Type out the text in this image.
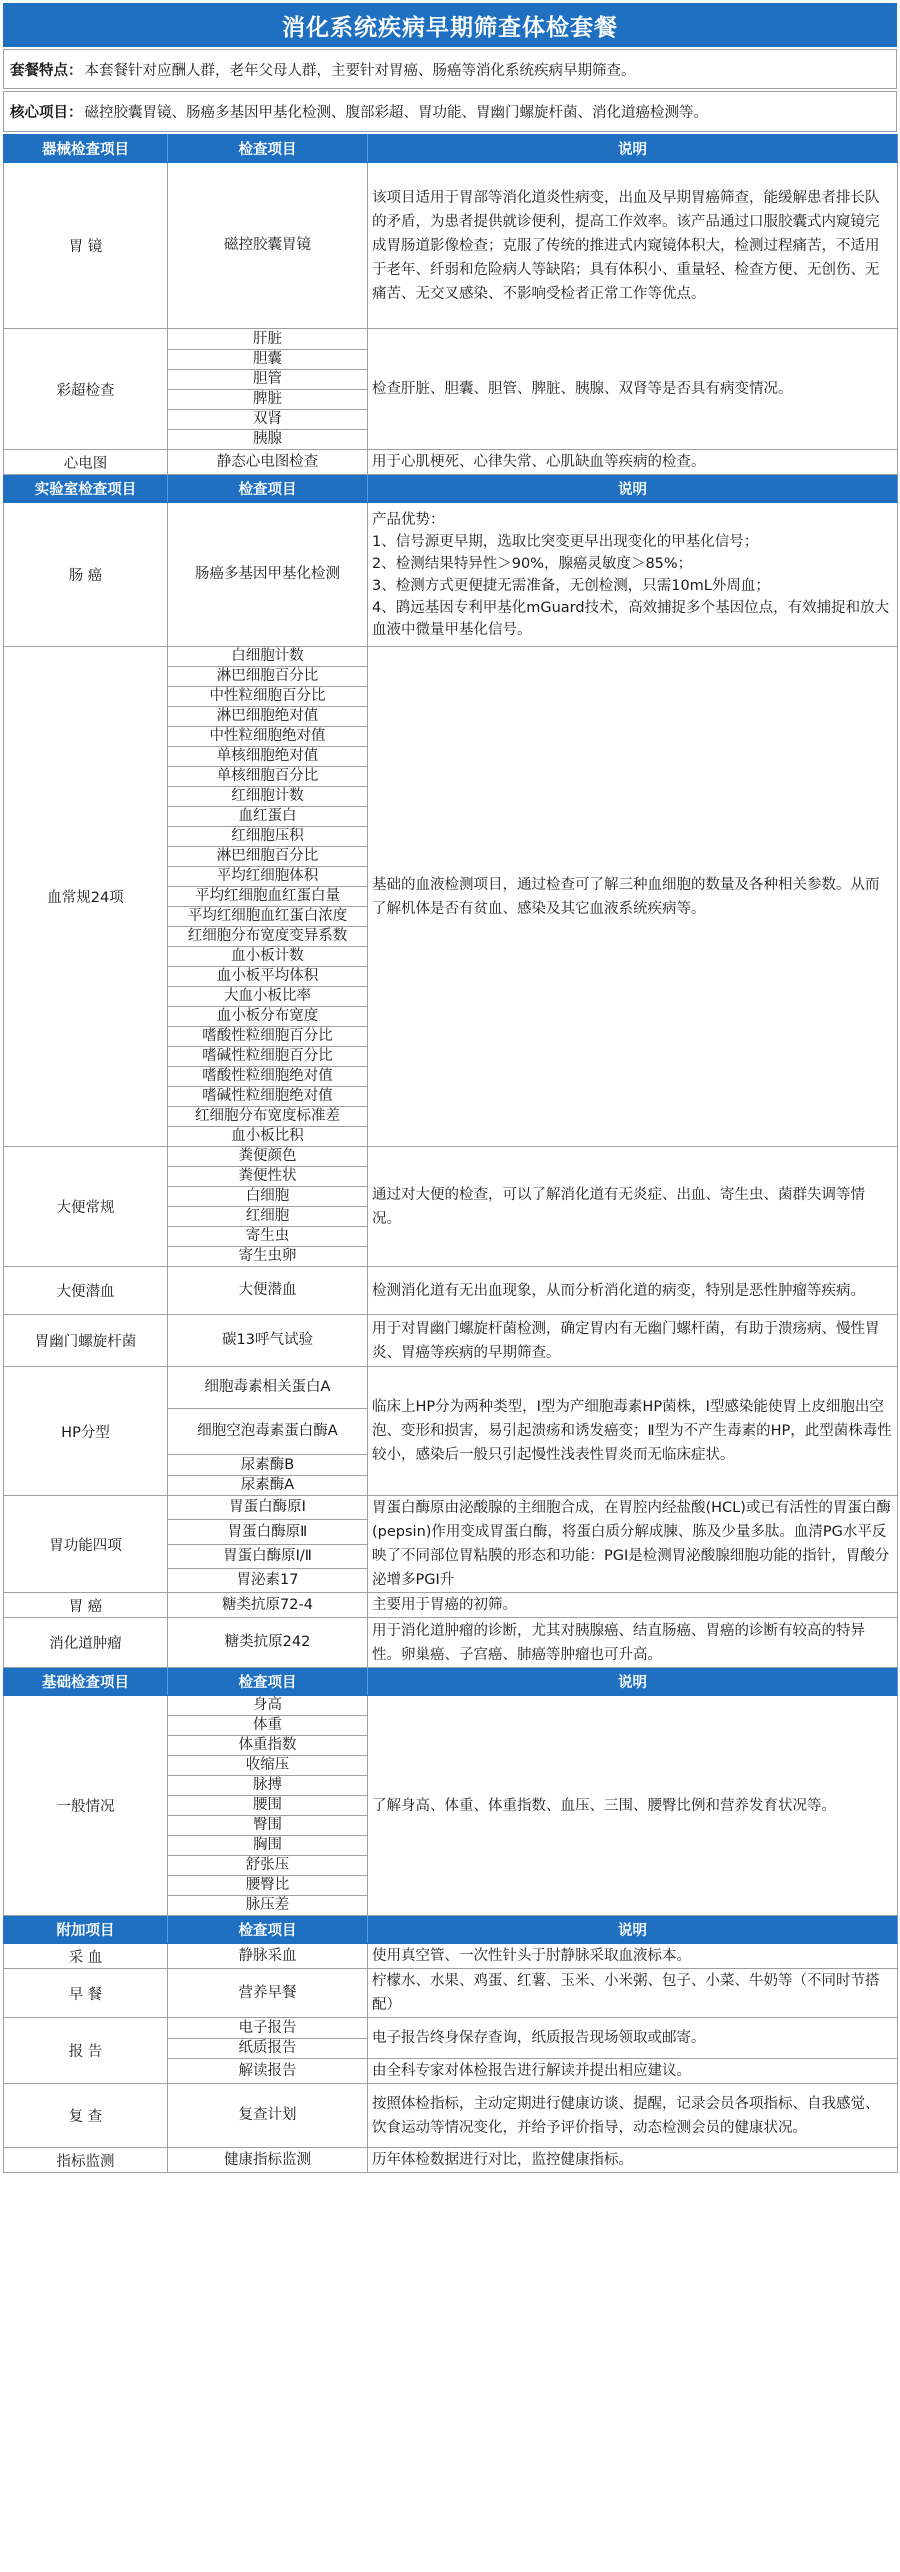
消化系统疾病早期筛查体检套餐
套餐特点： 本套餐针对应酬人群，老年父母人群，主要针对胃癌、肠癌等消化系统疾病早期筛查。
核心项目： 磁控胶囊胃镜、肠癌多基因甲基化检测、腹部彩超、胃功能、胃幽门螺旋杆菌、消化道癌检测等。
器械检查项目	检查项目	说明
胃 镜	磁控胶囊胃镜	该项目适用于胃部等消化道炎性病变，出血及早期胃癌筛查，能缓解患者排长队的矛盾，为患者提供就诊便利，提高工作效率。该产品通过口服胶囊式内窥镜完成胃肠道影像检查；克服了传统的推进式内窥镜体积大，检测过程痛苦，不适用于老年、纤弱和危险病人等缺陷；具有体积小、重量轻、检查方便、无创伤、无痛苦、无交叉感染、不影响受检者正常工作等优点。
彩超检查	肝脏	检查肝脏、胆囊、胆管、脾脏、胰腺、双肾等是否具有病变情况。
	胆囊	
	胆管	
	脾脏	
	双肾	
	胰腺	
心电图	静态心电图检查	用于心肌梗死、心律失常、心肌缺血等疾病的检查。
实验室检查项目	检查项目	说明
肠 癌	肠癌多基因甲基化检测	产品优势：
1、信号源更早期，选取比突变更早出现变化的甲基化信号；
2、检测结果特异性＞90%，腺癌灵敏度＞85%；
3、检测方式更便捷无需准备，无创检测，只需10mL外周血；
4、鹍远基因专利甲基化mGuard技术，高效捕捉多个基因位点，有效捕捉和放大血液中微量甲基化信号。

血常规24项	白细胞计数	基础的血液检测项目，通过检查可了解三种血细胞的数量及各种相关参数。从而了解机体是否有贫血、感染及其它血液系统疾病等。
	淋巴细胞百分比	
	中性粒细胞百分比	
	淋巴细胞绝对值	
	中性粒细胞绝对值	
	单核细胞绝对值	
	单核细胞百分比	
	红细胞计数	
	血红蛋白	
	红细胞压积	
	淋巴细胞百分比	
	平均红细胞体积	
	平均红细胞血红蛋白量	
	平均红细胞血红蛋白浓度	
	红细胞分布宽度变异系数	
	血小板计数	
	血小板平均体积	
	大血小板比率	
	血小板分布宽度	
	嗜酸性粒细胞百分比	
	嗜碱性粒细胞百分比	
	嗜酸性粒细胞绝对值	
	嗜碱性粒细胞绝对值	
	红细胞分布宽度标准差	
	血小板比积	
大便常规	粪便颜色	通过对大便的检查，可以了解消化道有无炎症、出血、寄生虫、菌群失调等情况。
	粪便性状	
	白细胞	
	红细胞	
	寄生虫	
	寄生虫卵	
大便潜血	大便潜血	检测消化道有无出血现象，从而分析消化道的病变，特别是恶性肿瘤等疾病。
胃幽门螺旋杆菌	碳13呼气试验	用于对胃幽门螺旋杆菌检测，确定胃内有无幽门螺杆菌，有助于溃疡病、慢性胃炎、胃癌等疾病的早期筛查。
HP分型	细胞毒素相关蛋白A	临床上HP分为两种类型，Ⅰ型为产细胞毒素HP菌株，Ⅰ型感染能使胃上皮细胞出空泡、变形和损害，易引起溃疡和诱发癌变；Ⅱ型为不产生毒素的HP，此型菌株毒性较小，感染后一般只引起慢性浅表性胃炎而无临床症状。
	细胞空泡毒素蛋白酶A	
	尿素酶B	
	尿素酶A	
胃功能四项	胃蛋白酶原Ⅰ	胃蛋白酶原由泌酸腺的主细胞合成，在胃腔内经盐酸(HCL)或已有活性的胃蛋白酶(pepsin)作用变成胃蛋白酶，将蛋白质分解成腖、胨及少量多肽。血清PG水平反映了不同部位胃粘膜的形态和功能：PGI是检测胃泌酸腺细胞功能的指针，胃酸分泌增多PGI升
	胃蛋白酶原Ⅱ	
	胃蛋白酶原Ⅰ/Ⅱ	
	胃泌素17	
胃 癌	糖类抗原72-4	主要用于胃癌的初筛。
消化道肿瘤	糖类抗原242	用于消化道肿瘤的诊断，尤其对胰腺癌、结直肠癌、胃癌的诊断有较高的特异性。卵巢癌、子宫癌、肺癌等肿瘤也可升高。
基础检查项目	检查项目	说明
一般情况	身高	了解身高、体重、体重指数、血压、三围、腰臀比例和营养发育状况等。
	体重	
	体重指数	
	收缩压	
	脉搏	
	腰围	
	臀围	
	胸围	
	舒张压	
	腰臀比	
	脉压差	
附加项目	检查项目	说明
采 血	静脉采血	使用真空管、一次性针头于肘静脉采取血液标本。
早 餐	营养早餐	柠檬水、水果、鸡蛋、红薯、玉米、小米粥、包子、小菜、牛奶等（不同时节搭配）
报 告	电子报告	电子报告终身保存查询，纸质报告现场领取或邮寄。
	纸质报告	
	解读报告	由全科专家对体检报告进行解读并提出相应建议。
复 查	复查计划	按照体检指标，主动定期进行健康访谈、提醒，记录会员各项指标、自我感觉、饮食运动等情况变化，并给予评价指导，动态检测会员的健康状况。
指标监测	健康指标监测	历年体检数据进行对比，监控健康指标。
